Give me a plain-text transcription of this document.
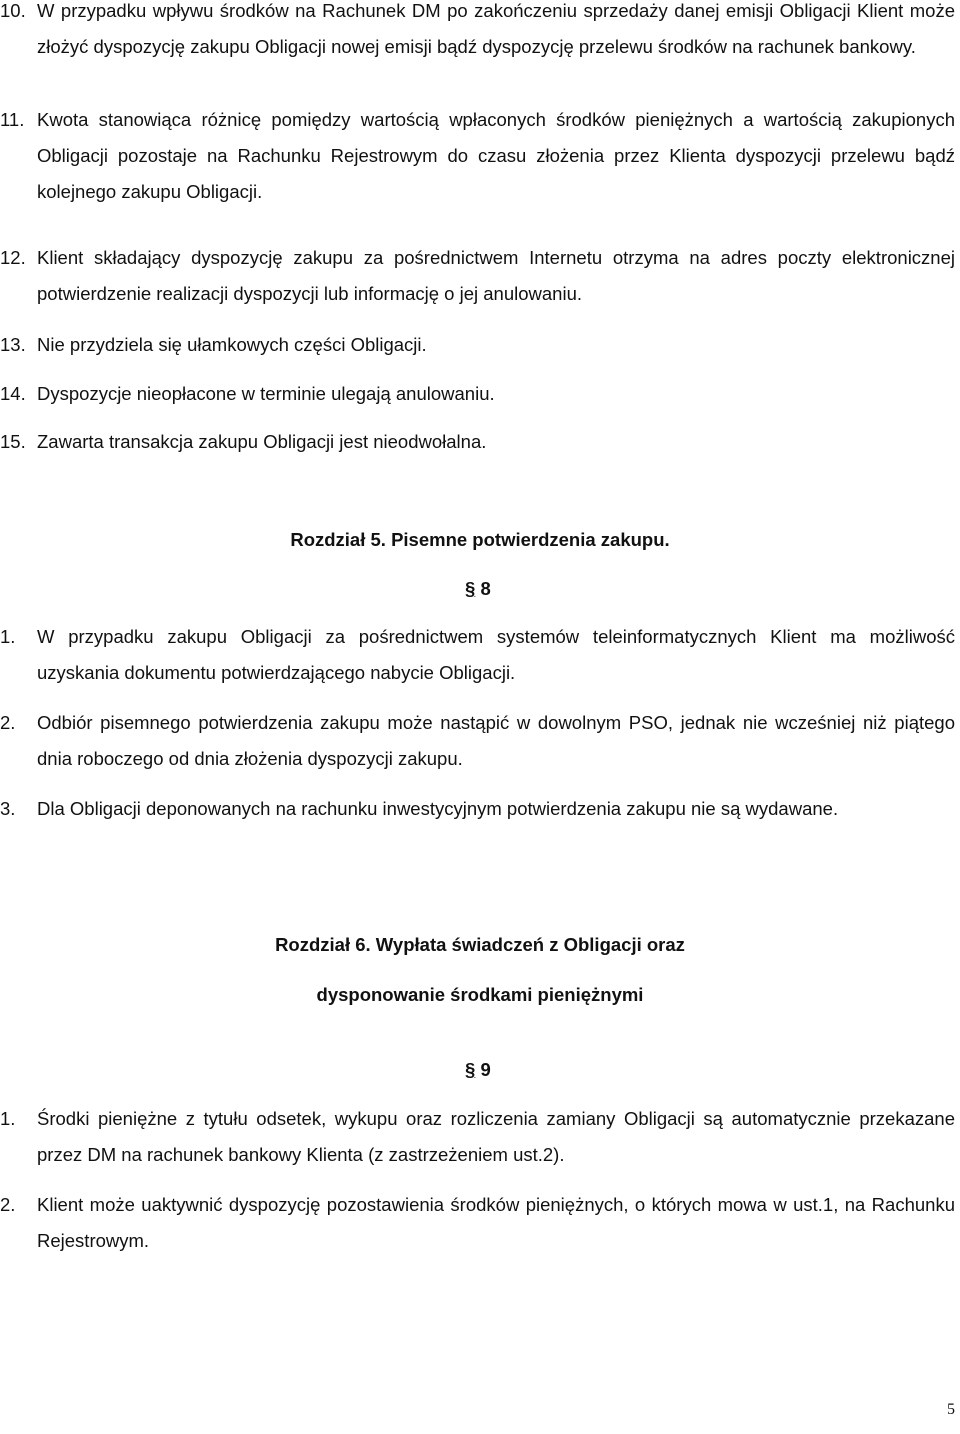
10. W przypadku wpływu środków na Rachunek DM po zakończeniu sprzedaży danej emisji Obligacji Klient może złożyć dyspozycję zakupu Obligacji nowej emisji bądź dyspozycję przelewu środków na rachunek bankowy.

11. Kwota stanowiąca różnicę pomiędzy wartością wpłaconych środków pieniężnych a wartością zakupionych Obligacji pozostaje na Rachunku Rejestrowym do czasu złożenia przez Klienta dyspozycji przelewu bądź kolejnego zakupu Obligacji.

12. Klient składający dyspozycję zakupu za pośrednictwem Internetu otrzyma na adres poczty elektronicznej potwierdzenie realizacji dyspozycji lub informację o jej anulowaniu.

13. Nie przydziela się ułamkowych części Obligacji.

14. Dyspozycje nieopłacone w terminie ulegają anulowaniu.

15. Zawarta transakcja zakupu Obligacji jest nieodwołalna.

Rozdział 5. Pisemne potwierdzenia zakupu.
§ 8

1. W przypadku zakupu Obligacji za pośrednictwem systemów teleinformatycznych Klient ma możliwość uzyskania dokumentu potwierdzającego nabycie Obligacji.

2. Odbiór pisemnego potwierdzenia zakupu może nastąpić w dowolnym PSO, jednak nie wcześniej niż piątego dnia roboczego od dnia złożenia dyspozycji zakupu.

3. Dla Obligacji deponowanych na rachunku inwestycyjnym potwierdzenia zakupu nie są wydawane.

Rozdział 6. Wypłata świadczeń z Obligacji oraz
dysponowanie środkami pieniężnymi
§ 9

1. Środki pieniężne z tytułu odsetek, wykupu oraz rozliczenia zamiany Obligacji są automatycznie przekazane przez DM na rachunek bankowy Klienta (z zastrzeżeniem ust.2).

2. Klient może uaktywnić dyspozycję pozostawienia środków pieniężnych, o których mowa w ust.1, na Rachunku Rejestrowym.

5
